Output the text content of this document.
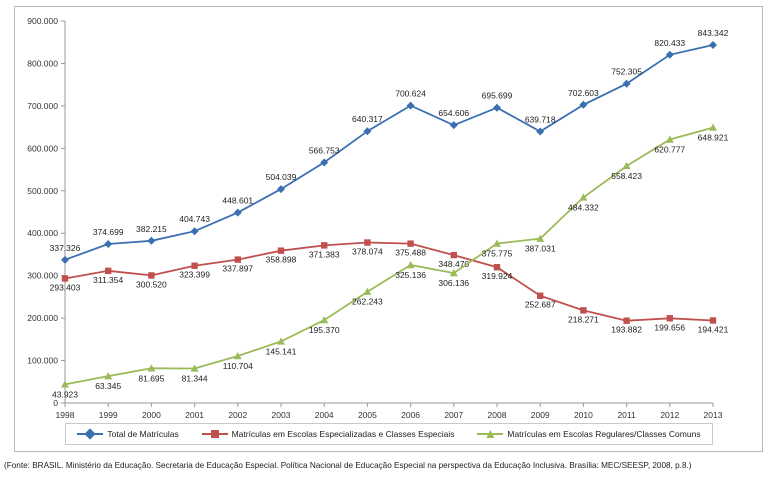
0
100.000
200.000
300.000
400.000
500.000
600.000
700.000
800.000
900.000
1998	1999	2000	2001	2002	2003	2004	2005	2006	2007	2008	2009	2010	2011	2012	2013
337.326
374.699 382.215
404.743
448.601
504.039
566.753
640.317
700.624
654.606
695.699
639.718
702.603
752.305
820.433
843.342
293.403
311.354 300.520
323.399
337.897
358.898
371.383 378.074 375.488
348.470
319.924
252.687
218.271
193.882 199.656 194.421
43.923
63.345
81.695 81.344
110.704
145.141
195.370
262.243
325.136
306.136
375.775 387.031
484.332
558.423
620.777
648.921
Total de Matrículas	Matrículas em Escolas Especializadas e Classes Especiais	Matrículas em Escolas Regulares/Classes Comuns
(Fonte: BRASIL. Ministério da Educação. Secretaria de Educação Especial. Política Nacional de Educação Especial na perspectiva da Educação Inclusiva. Brasília: MEC/SEESP, 2008, p.8.)
